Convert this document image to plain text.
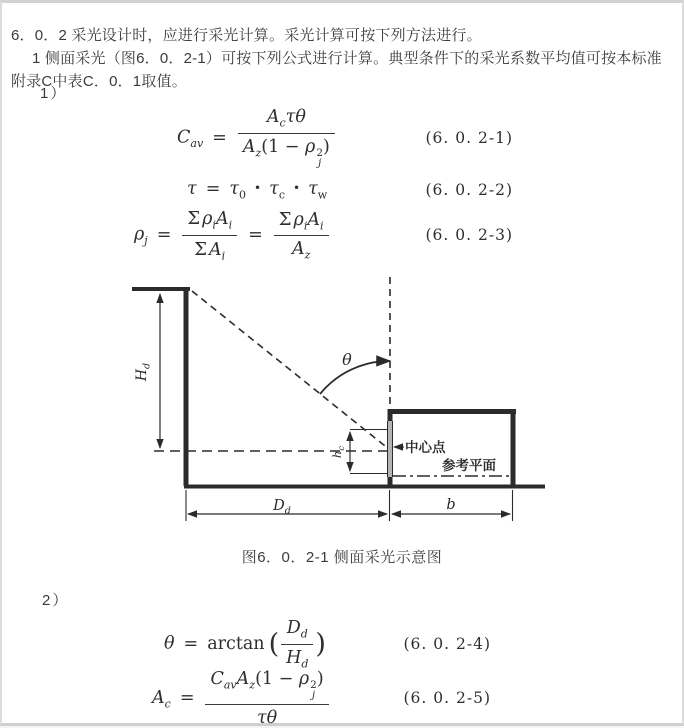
6．0．2 采光设计时，应进行采光计算。采光计算可按下列方法进行。

1 侧面采光（图6．0．2-1）可按下列公式进行计算。典型条件下的采光系数平均值可按本标准附录C中表C．0．1取值。

1）
$C_{av} = A_c\tau\theta$
$A_z(1 - \rho$ 2
j
)	(6. 0. 2-1)
$\tau = \tau_0$ • $\tau_c$ • $\tau_w$	(6. 0. 2-2)
$\rho_j = \frac{\Sigma \rho_iA_i}{\Sigma A_i} = \frac{\Sigma \rho_iA_i}{A_z}$	(6. 0. 2-3)
θ
$H_d$
$h_c$
$D_d$	b
中心点
参考平面
图6．0．2-1 侧面采光示意图
2）
θ = arctan ( $\frac{D_d}{H_d}$ )	(6. 0. 2-4)
$A_c = C_{av}A_z(1 - \rho$ 2
j
)
τθ	(6. 0. 2-5)
